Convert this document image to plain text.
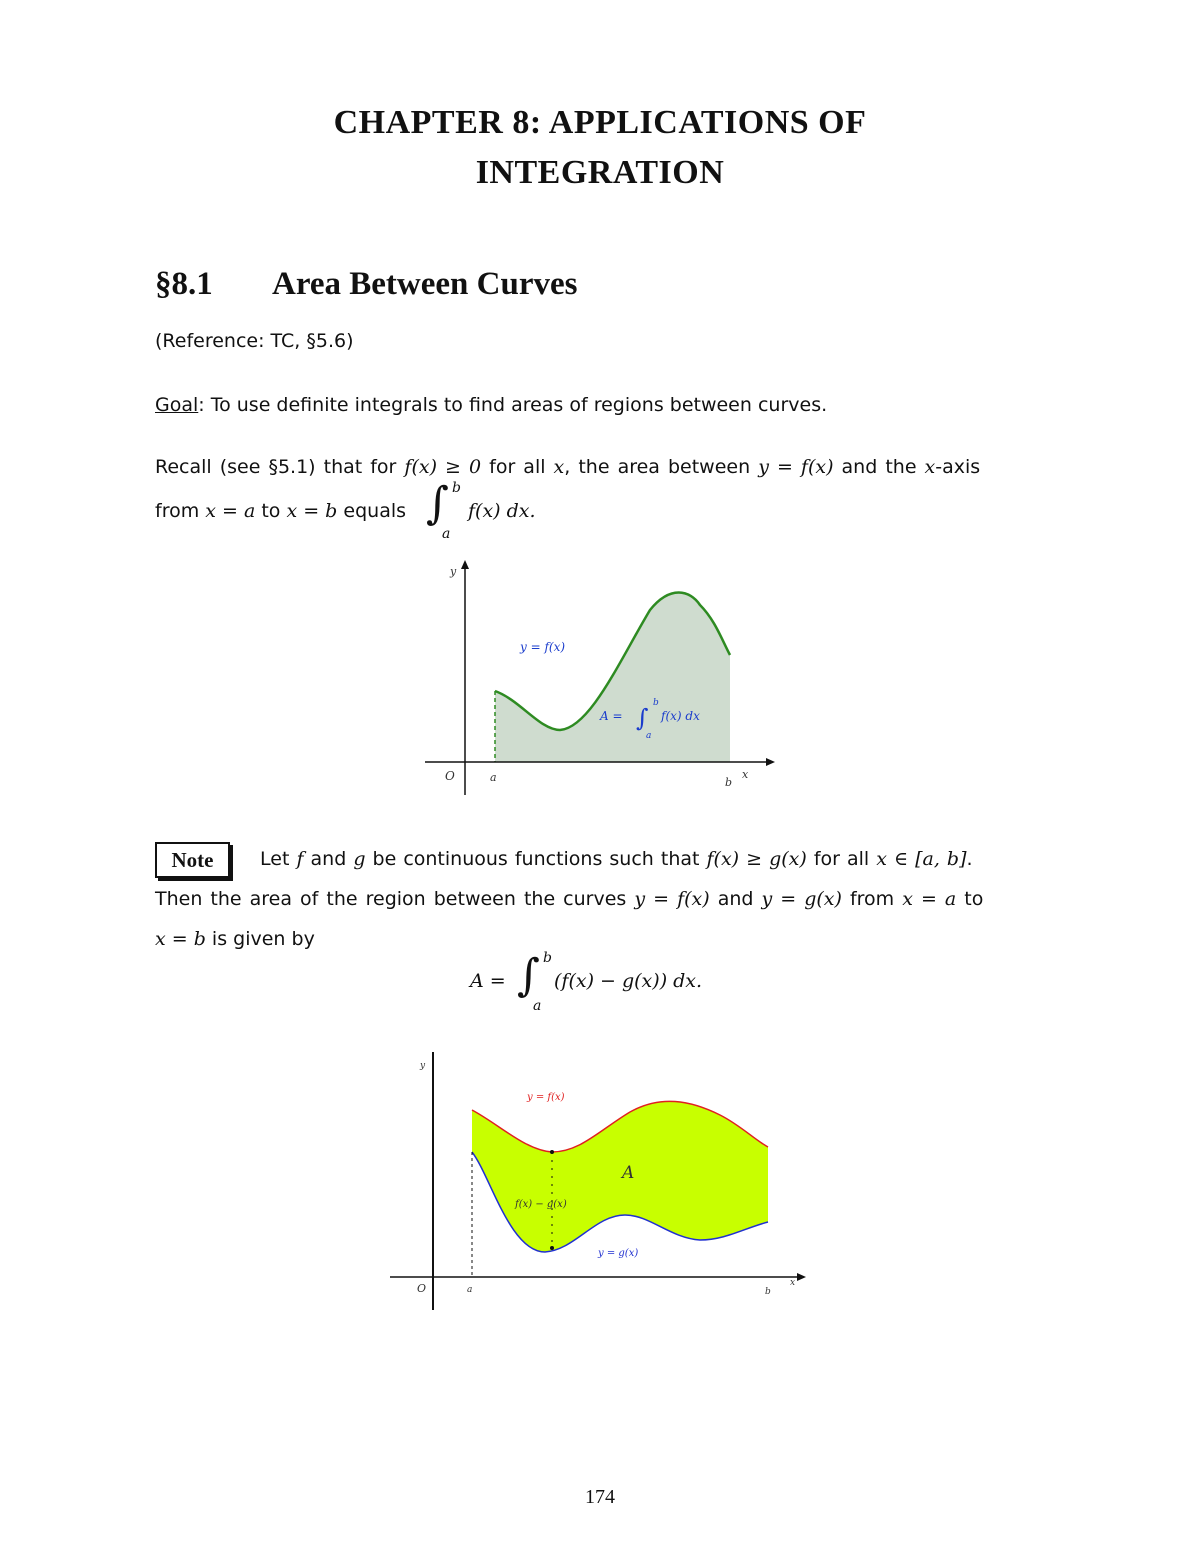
CHAPTER 8: APPLICATIONS OF
INTEGRATION
§8.1 Area Between Curves
(Reference: TC, §5.6)
Goal: To use definite integrals to find areas of regions between curves.
Recall (see §5.1) that for f(x) ≥ 0 for all x, the area between y = f(x) and the x-axis
from x = a to x = b equals ∫ b
a
f(x) dx.
y
x
O	a	b
y = f(x)
A = ∫
b
a
f(x) dx
Note	Let f and g be continuous functions such that f(x) ≥ g(x) for all x ∈ [a, b].
Then the area of the region between the curves y = f(x) and y = g(x) from x = a to
x = b is given by
A = ∫ b
a
(f(x) − g(x)) dx.
y
x
O	a	b
y = f(x)
y = g(x)
A
f(x) − g(x)
174
